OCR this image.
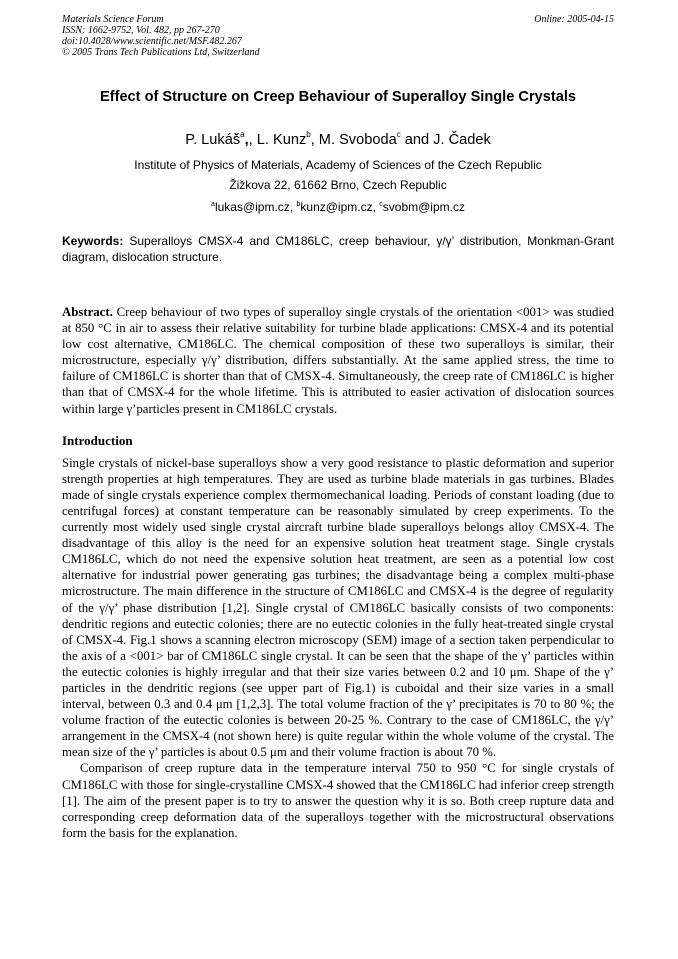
Materials Science Forum
ISSN: 1662-9752, Vol. 482, pp 267-270
doi:10.4028/www.scientific.net/MSF.482.267
© 2005 Trans Tech Publications Ltd, Switzerland
Online: 2005-04-15
Effect of Structure on Creep Behaviour of Superalloy Single Crystals
P. Lukáš$^a$,, L. Kunz$^b$, M. Svoboda$^c$ and J. Čadek
Institute of Physics of Materials, Academy of Sciences of the Czech Republic
Žižkova 22, 61662 Brno, Czech Republic
$^a$lukas@ipm.cz, $^b$kunz@ipm.cz, $^c$svobm@ipm.cz
Keywords: Superalloys CMSX-4 and CM186LC, creep behaviour, γ/γ’ distribution, Monkman-Grant diagram, dislocation structure.
Abstract. Creep behaviour of two types of superalloy single crystals of the orientation <001> was studied at 850 °C in air to assess their relative suitability for turbine blade applications: CMSX-4 and its potential low cost alternative, CM186LC. The chemical composition of these two superalloys is similar, their microstructure, especially γ/γ’ distribution, differs substantially. At the same applied stress, the time to failure of CM186LC is shorter than that of CMSX-4. Simultaneously, the creep rate of CM186LC is higher than that of CMSX-4 for the whole lifetime. This is attributed to easier activation of dislocation sources within large γ’particles present in CM186LC crystals.
Introduction
Single crystals of nickel-base superalloys show a very good resistance to plastic deformation and superior strength properties at high temperatures. They are used as turbine blade materials in gas turbines. Blades made of single crystals experience complex thermomechanical loading. Periods of constant loading (due to centrifugal forces) at constant temperature can be reasonably simulated by creep experiments. To the currently most widely used single crystal aircraft turbine blade superalloys belongs alloy CMSX-4. The disadvantage of this alloy is the need for an expensive solution heat treatment stage. Single crystals CM186LC, which do not need the expensive solution heat treatment, are seen as a potential low cost alternative for industrial power generating gas turbines; the disadvantage being a complex multi-phase microstructure. The main difference in the structure of CM186LC and CMSX-4 is the degree of regularity of the γ/γ’ phase distribution [1,2]. Single crystal of CM186LC basically consists of two components: dendritic regions and eutectic colonies; there are no eutectic colonies in the fully heat-treated single crystal of CMSX-4. Fig.1 shows a scanning electron microscopy (SEM) image of a section taken perpendicular to the axis of a <001> bar of CM186LC single crystal. It can be seen that the shape of the γ’ particles within the eutectic colonies is highly irregular and that their size varies between 0.2 and 10 μm. Shape of the γ’ particles in the dendritic regions (see upper part of Fig.1) is cuboidal and their size varies in a small interval, between 0.3 and 0.4 μm [1,2,3]. The total volume fraction of the γ’ precipitates is 70 to 80 %; the volume fraction of the eutectic colonies is between 20-25 %. Contrary to the case of CM186LC, the γ/γ’ arrangement in the CMSX-4 (not shown here) is quite regular within the whole volume of the crystal. The mean size of the γ’ particles is about 0.5 μm and their volume fraction is about 70 %.
Comparison of creep rupture data in the temperature interval 750 to 950 °C for single crystals of CM186LC with those for single-crystalline CMSX-4 showed that the CM186LC had inferior creep strength [1]. The aim of the present paper is to try to answer the question why it is so. Both creep rupture data and corresponding creep deformation data of the superalloys together with the microstructural observations form the basis for the explanation.
